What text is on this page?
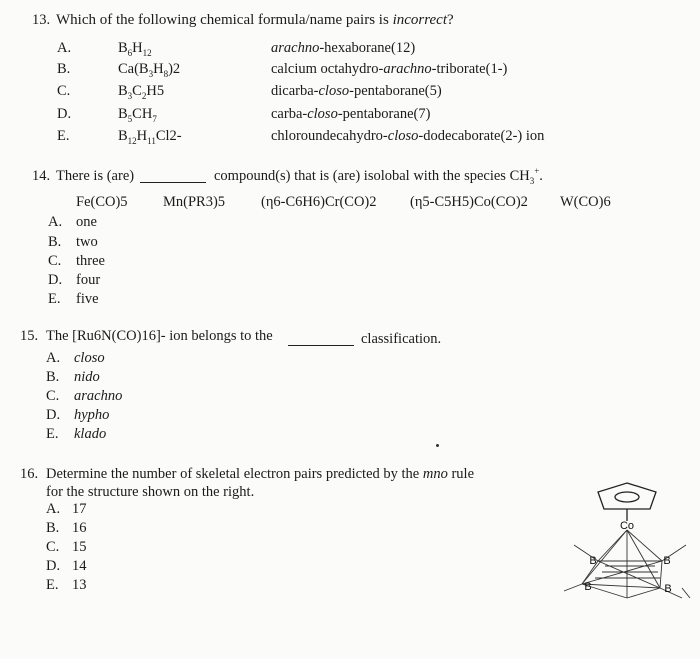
13. Which of the following chemical formula/name pairs is incorrect?
A.	$B_6H_{12}$	arachno-hexaborane(12)
B.	$Ca(B_3H_8)2$	calcium octahydro-arachno-triborate(1-)
C.	$B_3C_2H5$	dicarba-closo-pentaborane(5)
D.	$B_5CH_7$	carba-closo-pentaborane(7)
E.	$B_{12}H_{11}Cl2-$	chloroundecahydro-closo-dodecaborate(2-) ion
14. There is (are)	compound(s) that is (are) isolobal with the species $CH_3^+$.
Fe(CO)5 Mn(PR3)5 (η6-C6H6)Cr(CO)2 (η5-C5H5)Co(CO)2 W(CO)6
A. one
B. two
C. three
D. four
E. five
15. The [Ru6N(CO)16]- ion belongs to the	classification.
A. closo
B. nido
C. arachno
D. hypho
E. klado
16. Determine the number of skeletal electron pairs predicted by the mno rule
for the structure shown on the right.
A. 17
B. 16
C. 15
D. 14
E. 13
Co
B	B
B	B
